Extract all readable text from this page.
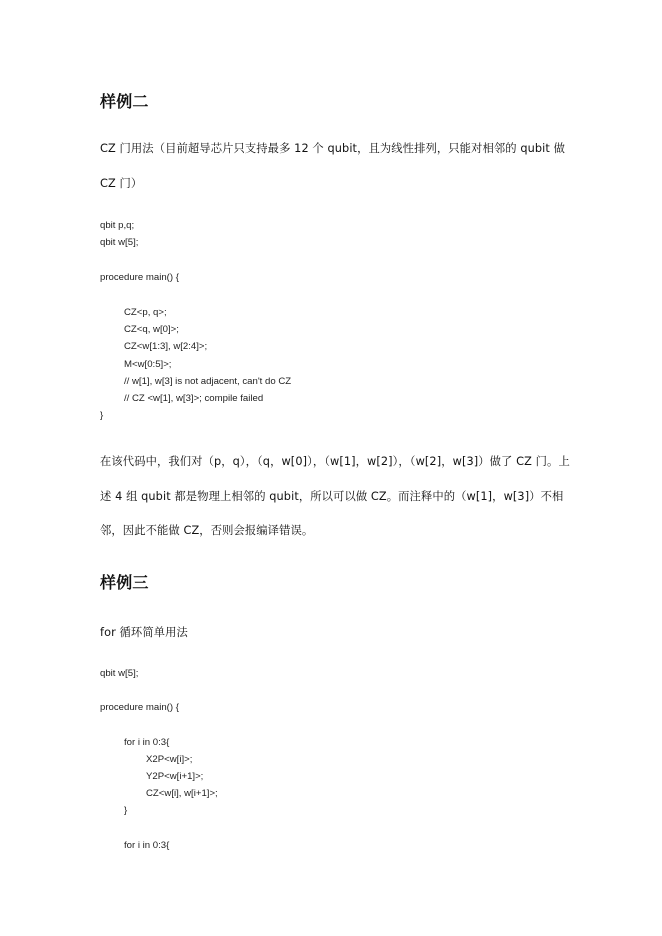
样例二
CZ 门用法（目前超导芯片只支持最多 12 个 qubit，且为线性排列，只能对相邻的 qubit 做
CZ 门）
qbit p,q;
qbit w[5];
procedure main() {
CZ<p, q>;
CZ<q, w[0]>;
CZ<w[1:3], w[2:4]>;
M<w[0:5]>;
// w[1], w[3] is not adjacent, can't do CZ
// CZ <w[1], w[3]>; compile failed
}
在该代码中，我们对（p，q），（q，w[0]），（w[1]，w[2]），（w[2]，w[3]）做了 CZ 门。上
述 4 组 qubit 都是物理上相邻的 qubit，所以可以做 CZ。而注释中的（w[1]，w[3]）不相
邻，因此不能做 CZ，否则会报编译错误。
样例三
for 循环简单用法
qbit w[5];
procedure main() {
for i in 0:3{
X2P<w[i]>;
Y2P<w[i+1]>;
CZ<w[i], w[i+1]>;
}
for i in 0:3{
